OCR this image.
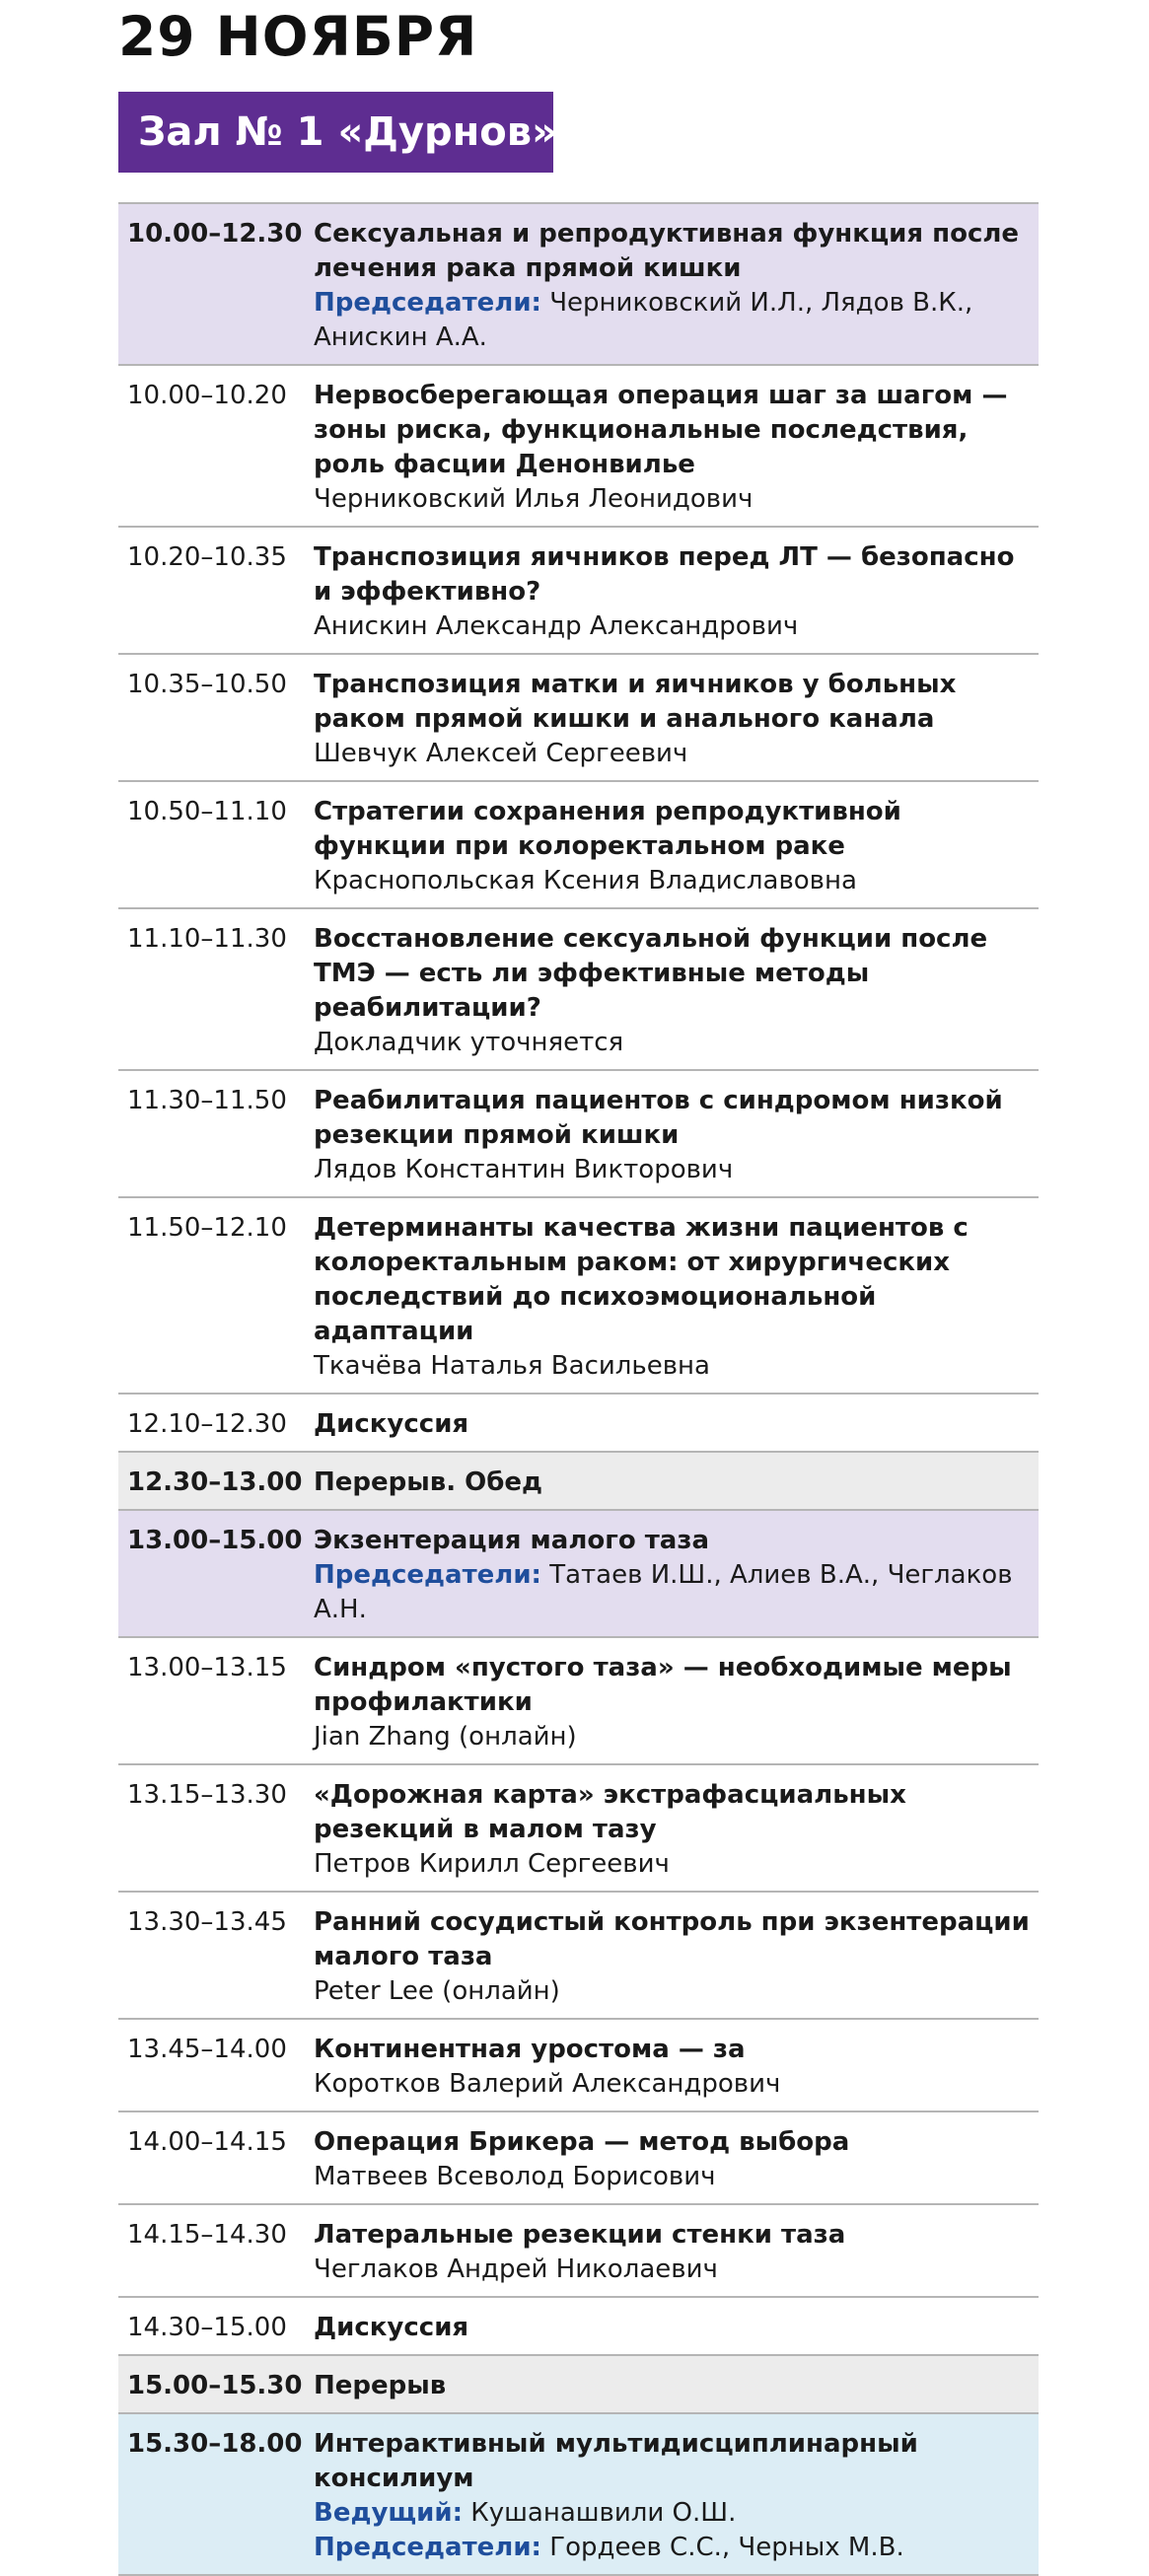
29 НОЯБРЯ
Зал № 1 «Дурнов»
10.00–12.30 Сексуальная и репродуктивная функция после лечения рака прямой кишки
Председатели: Черниковский И.Л., Лядов В.К., Анискин А.А.
10.00–10.20	Нервосберегающая операция шаг за шагом — зоны риска, функциональные последствия, роль фасции Денонвилье
Черниковский Илья Леонидович
10.20–10.35	Транспозиция яичников перед ЛТ — безопасно и эффективно?
Анискин Александр Александрович
10.35–10.50	Транспозиция матки и яичников у больных раком прямой кишки и анального канала
Шевчук Алексей Сергеевич
10.50–11.10	Стратегии сохранения репродуктивной функции при колоректальном раке
Краснопольская Ксения Владиславовна
11.10–11.30	Восстановление сексуальной функции после ТМЭ — есть ли эффективные методы реабилитации?
Докладчик уточняется
11.30–11.50	Реабилитация пациентов с синдромом низкой резекции прямой кишки
Лядов Константин Викторович
11.50–12.10	Детерминанты качества жизни пациентов с колоректальным раком: от хирургических последствий до психоэмоциональной адаптации
Ткачёва Наталья Васильевна
12.10–12.30	Дискуссия
12.30–13.00 Перерыв. Обед
13.00–15.00 Экзентерация малого таза
Председатели: Татаев И.Ш., Алиев В.А., Чеглаков А.Н.
13.00–13.15	Синдром «пустого таза» — необходимые меры профилактики
Jian Zhang (онлайн)
13.15–13.30	«Дорожная карта» экстрафасциальных резекций в малом тазу
Петров Кирилл Сергеевич
13.30–13.45	Ранний сосудистый контроль при экзентерации малого таза
Peter Lee (онлайн)
13.45–14.00	Континентная уростома — за
Коротков Валерий Александрович
14.00–14.15	Операция Брикера — метод выбора
Матвеев Всеволод Борисович
14.15–14.30	Латеральные резекции стенки таза
Чеглаков Андрей Николаевич
14.30–15.00	Дискуссия
15.00–15.30 Перерыв
15.30–18.00 Интерактивный мультидисциплинарный консилиум
Ведущий: Кушанашвили О.Ш.
Председатели: Гордеев С.С., Черных М.В.
